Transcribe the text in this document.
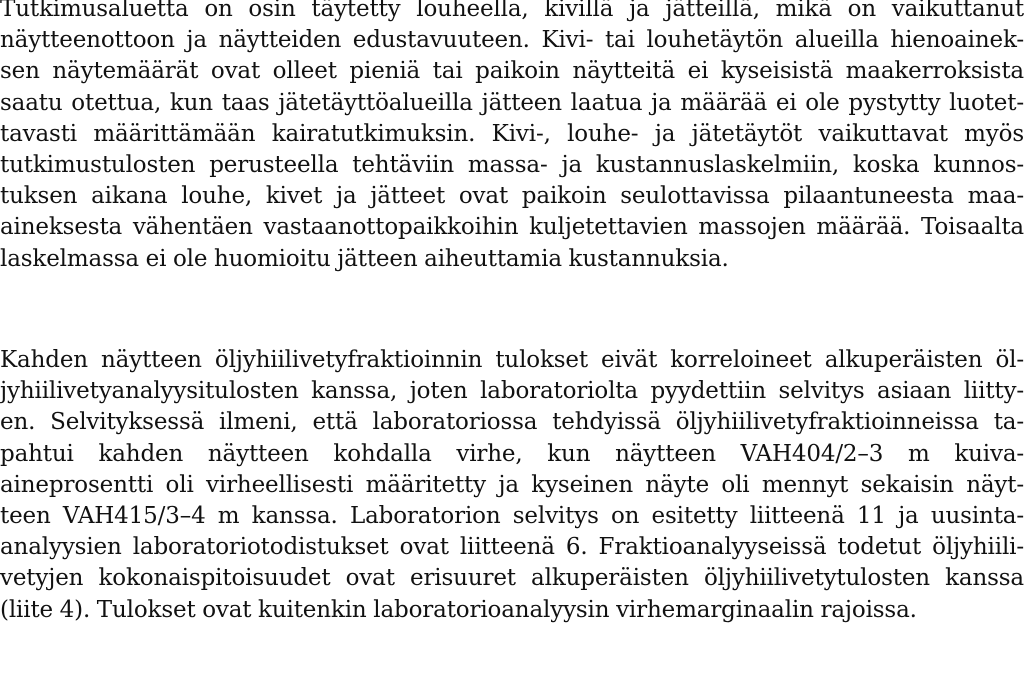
Tutkimusaluetta on osin täytetty louheella, kivillä ja jätteillä, mikä on vaikuttanut
näytteenottoon ja näytteiden edustavuuteen. Kivi- tai louhetäytön alueilla hienoainek-
sen näytemäärät ovat olleet pieniä tai paikoin näytteitä ei kyseisistä maakerroksista
saatu otettua, kun taas jätetäyttöalueilla jätteen laatua ja määrää ei ole pystytty luotet-
tavasti määrittämään kairatutkimuksin. Kivi-, louhe- ja jätetäytöt vaikuttavat myös
tutkimustulosten perusteella tehtäviin massa- ja kustannuslaskelmiin, koska kunnos-
tuksen aikana louhe, kivet ja jätteet ovat paikoin seulottavissa pilaantuneesta maa-
aineksesta vähentäen vastaanottopaikkoihin kuljetettavien massojen määrää. Toisaalta
laskelmassa ei ole huomioitu jätteen aiheuttamia kustannuksia.
Kahden näytteen öljyhiilivetyfraktioinnin tulokset eivät korreloineet alkuperäisten öl-
jyhiilivetyanalyysitulosten kanssa, joten laboratoriolta pyydettiin selvitys asiaan liitty-
en. Selvityksessä ilmeni, että laboratoriossa tehdyissä öljyhiilivetyfraktioinneissa ta-
pahtui kahden näytteen kohdalla virhe, kun näytteen VAH404/2–3 m kuiva-
aineprosentti oli virheellisesti määritetty ja kyseinen näyte oli mennyt sekaisin näyt-
teen VAH415/3–4 m kanssa. Laboratorion selvitys on esitetty liitteenä 11 ja uusinta-
analyysien laboratoriotodistukset ovat liitteenä 6. Fraktioanalyyseissä todetut öljyhiili-
vetyjen kokonaispitoisuudet ovat erisuuret alkuperäisten öljyhiilivetytulosten kanssa
(liite 4). Tulokset ovat kuitenkin laboratorioanalyysin virhemarginaalin rajoissa.
